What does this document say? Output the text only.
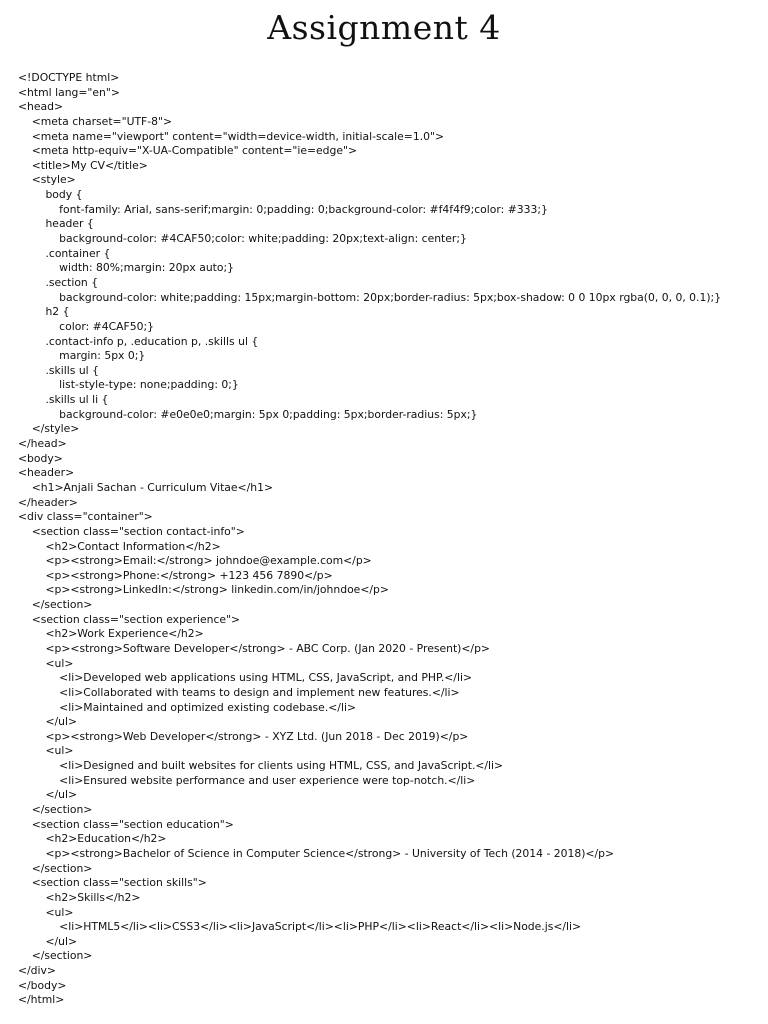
Assignment 4
<!DOCTYPE html>
<html lang="en">
<head>
<meta charset="UTF-8">
<meta name="viewport" content="width=device-width, initial-scale=1.0">
<meta http-equiv="X-UA-Compatible" content="ie=edge">
<title>My CV</title>
<style>
body {
font-family: Arial, sans-serif;margin: 0;padding: 0;background-color: #f4f4f9;color: #333;}
header {
background-color: #4CAF50;color: white;padding: 20px;text-align: center;}
.container {
width: 80%;margin: 20px auto;}
.section {
background-color: white;padding: 15px;margin-bottom: 20px;border-radius: 5px;box-shadow: 0 0 10px rgba(0, 0, 0, 0.1);}
h2 {
color: #4CAF50;}
.contact-info p, .education p, .skills ul {
margin: 5px 0;}
.skills ul {
list-style-type: none;padding: 0;}
.skills ul li {
background-color: #e0e0e0;margin: 5px 0;padding: 5px;border-radius: 5px;}
</style>
</head>
<body>
<header>
<h1>Anjali Sachan - Curriculum Vitae</h1>
</header>
<div class="container">
<section class="section contact-info">
<h2>Contact Information</h2>
<p><strong>Email:</strong> johndoe@example.com</p>
<p><strong>Phone:</strong> +123 456 7890</p>
<p><strong>LinkedIn:</strong> linkedin.com/in/johndoe</p>
</section>
<section class="section experience">
<h2>Work Experience</h2>
<p><strong>Software Developer</strong> - ABC Corp. (Jan 2020 - Present)</p>
<ul>
<li>Developed web applications using HTML, CSS, JavaScript, and PHP.</li>
<li>Collaborated with teams to design and implement new features.</li>
<li>Maintained and optimized existing codebase.</li>
</ul>
<p><strong>Web Developer</strong> - XYZ Ltd. (Jun 2018 - Dec 2019)</p>
<ul>
<li>Designed and built websites for clients using HTML, CSS, and JavaScript.</li>
<li>Ensured website performance and user experience were top-notch.</li>
</ul>
</section>
<section class="section education">
<h2>Education</h2>
<p><strong>Bachelor of Science in Computer Science</strong> - University of Tech (2014 - 2018)</p>
</section>
<section class="section skills">
<h2>Skills</h2>
<ul>
<li>HTML5</li><li>CSS3</li><li>JavaScript</li><li>PHP</li><li>React</li><li>Node.js</li>
</ul>
</section>
</div>
</body>
</html>
